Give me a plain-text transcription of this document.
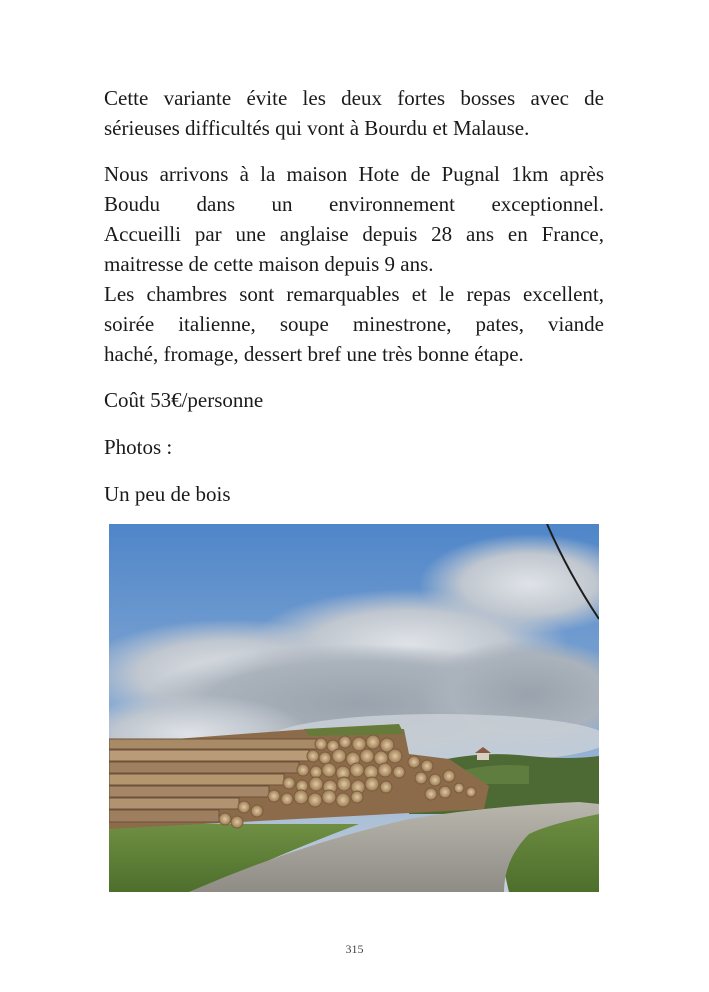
Cette variante évite les deux fortes bosses avec de
sérieuses difficultés qui vont à Bourdu et Malause.

Nous arrivons à la maison Hote de Pugnal 1km après
Boudu dans un environnement exceptionnel.
Accueilli par une anglaise depuis 28 ans en France,
maitresse de cette maison depuis 9 ans.
Les chambres sont remarquables et le repas excellent,
soirée italienne, soupe minestrone, pates, viande
haché, fromage, dessert bref une très bonne étape.

Coût 53€/personne

Photos :

Un peu de bois

315
